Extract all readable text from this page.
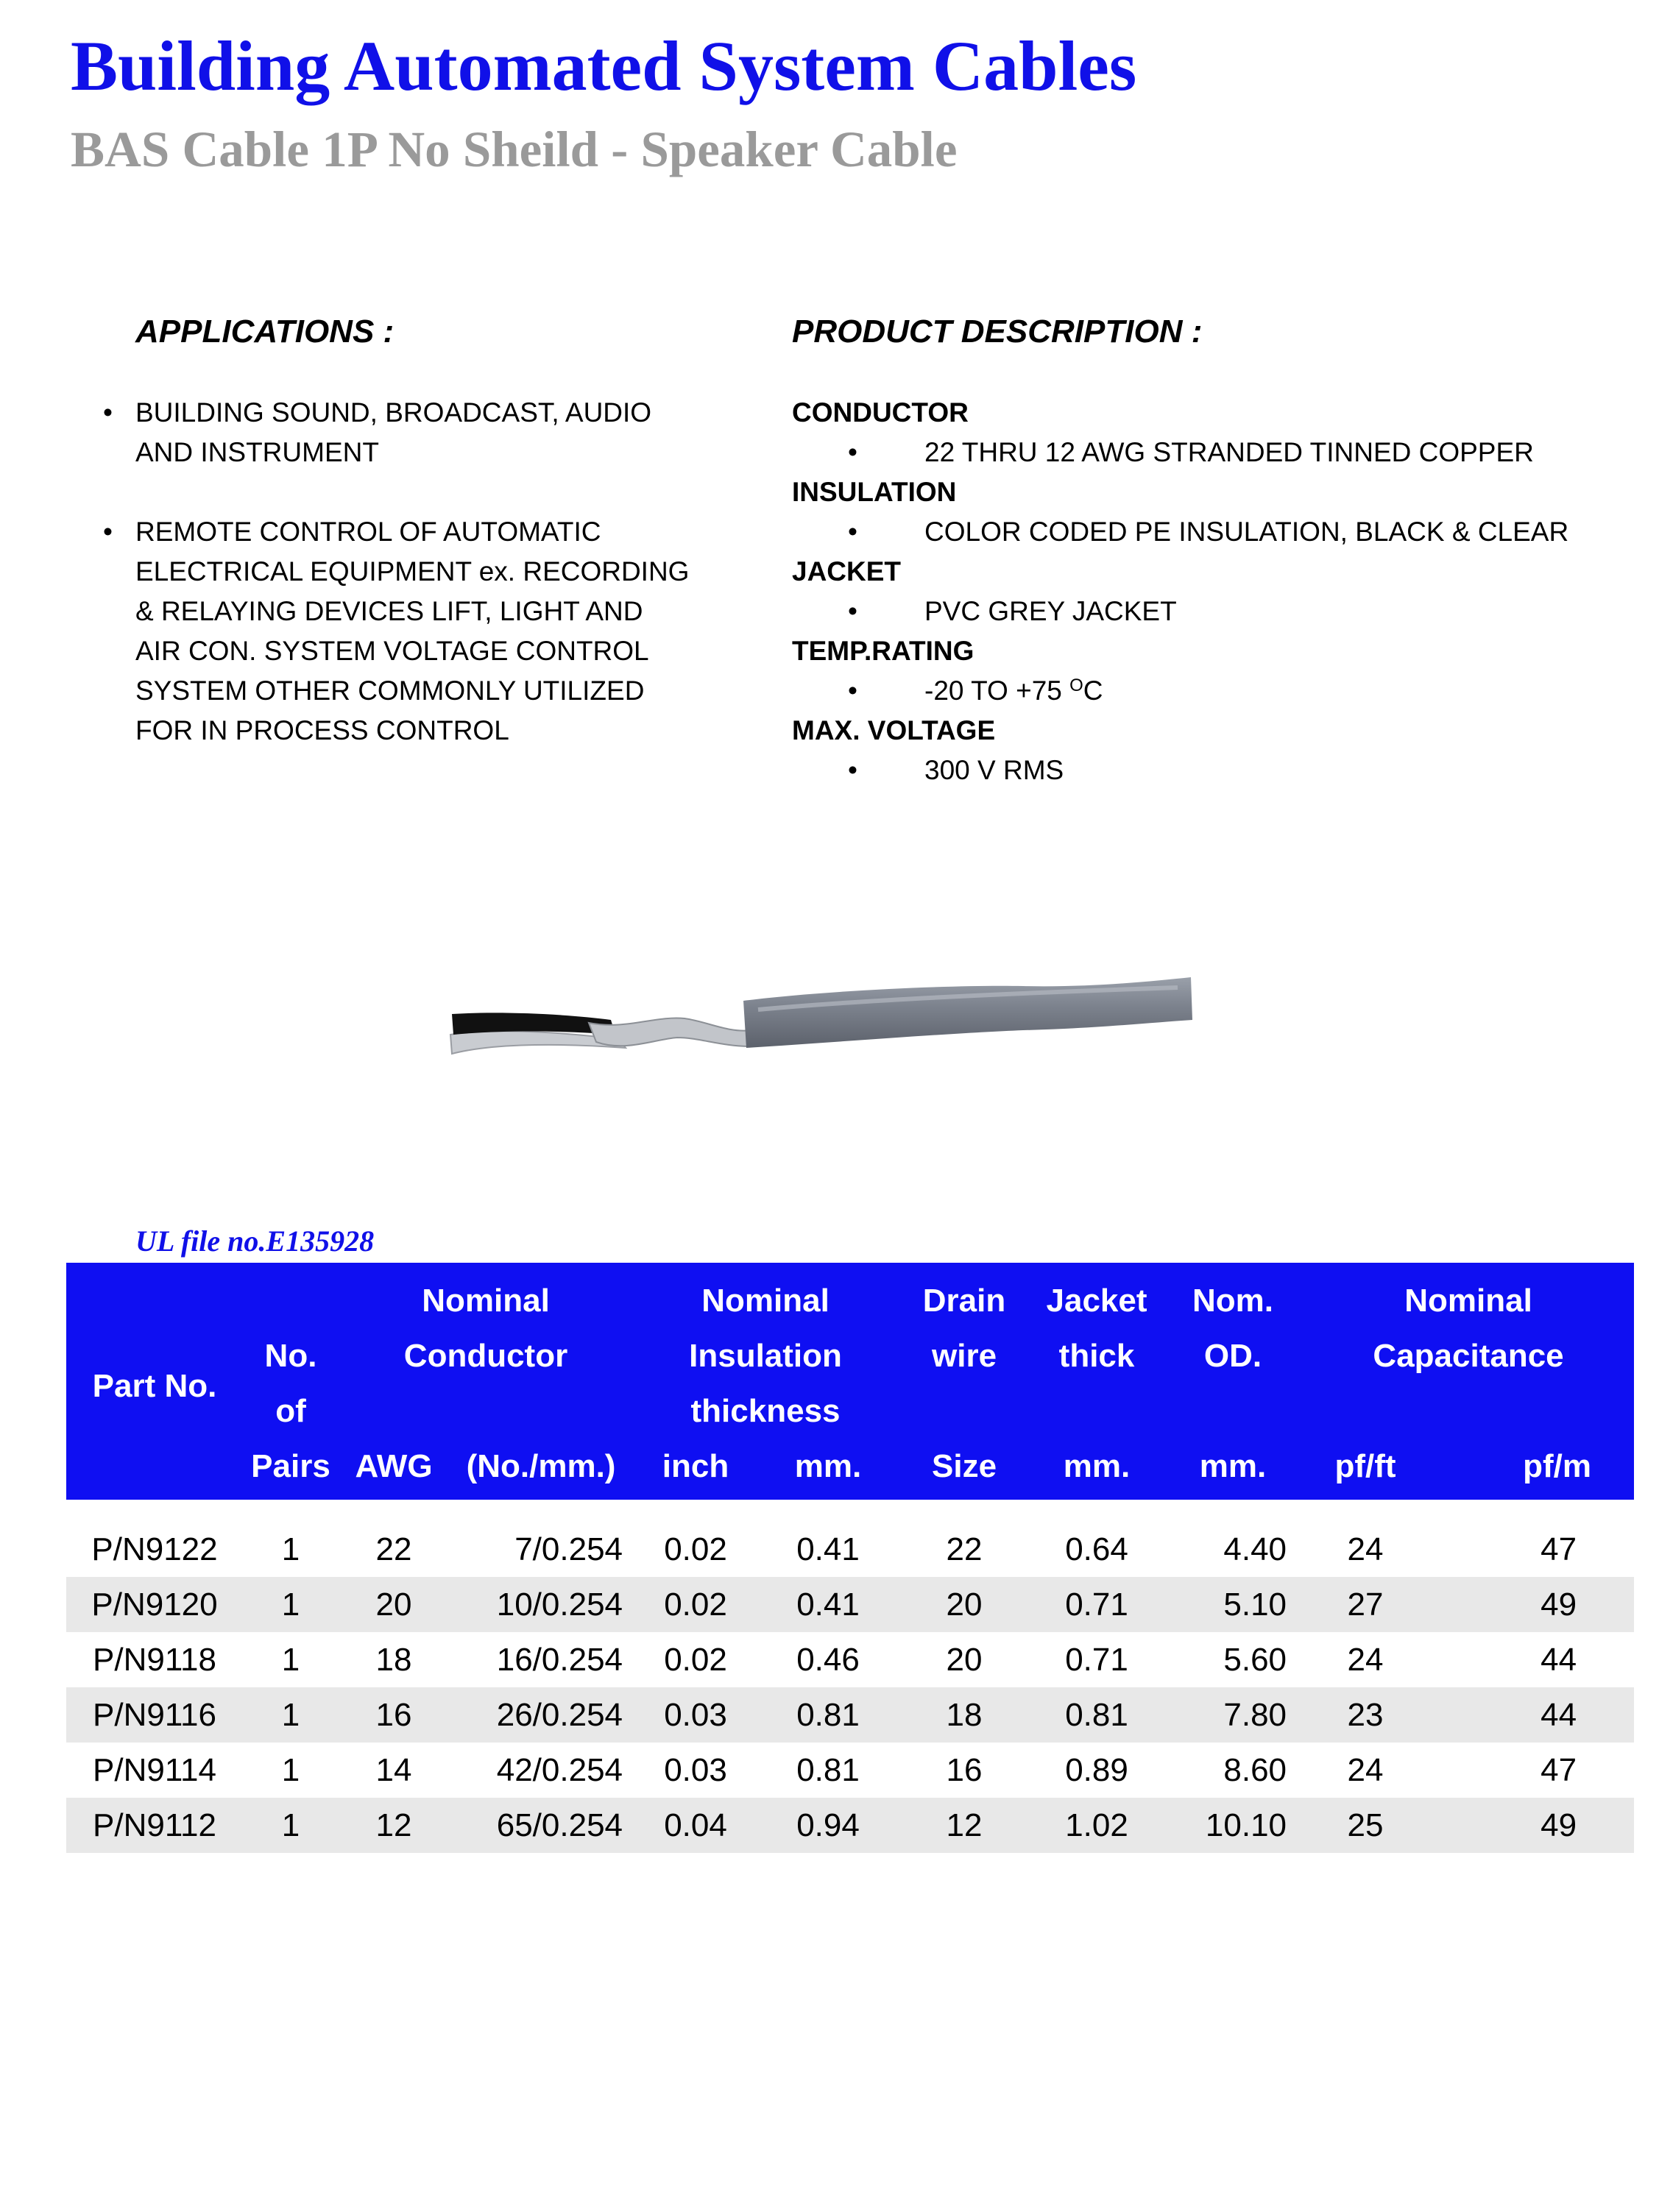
Building Automated System Cables
BAS Cable 1P No Sheild - Speaker Cable
APPLICATIONS :	PRODUCT DESCRIPTION :
• BUILDING SOUND, BROADCAST, AUDIO
AND INSTRUMENT
• REMOTE CONTROL OF AUTOMATIC
ELECTRICAL EQUIPMENT ex. RECORDING
& RELAYING DEVICES LIFT, LIGHT AND
AIR CON. SYSTEM VOLTAGE CONTROL
SYSTEM OTHER COMMONLY UTILIZED
FOR IN PROCESS CONTROL
CONDUCTOR
• 22 THRU 12 AWG STRANDED TINNED COPPER
INSULATION
• COLOR CODED PE INSULATION, BLACK & CLEAR
JACKET
• PVC GREY JACKET
TEMP.RATING
• -20 TO +75 $^O$C
MAX. VOLTAGE
• 300 V RMS
UL file no.E135928
Part No.		Nominal		Nominal		Drain	Jacket	Nom.	Nominal	
	No.	Conductor		Insulation		wire	thick	OD.	Capacitance	
	of			thickness						
	Pairs	AWG	(No./mm.)	inch	mm.	Size	mm.	mm.	pf/ft	pf/m

P/N9122	1	22	7/0.254	0.02	0.41	22	0.64	4.40	24	47
P/N9120	1	20	10/0.254	0.02	0.41	20	0.71	5.10	27	49
P/N9118	1	18	16/0.254	0.02	0.46	20	0.71	5.60	24	44
P/N9116	1	16	26/0.254	0.03	0.81	18	0.81	7.80	23	44
P/N9114	1	14	42/0.254	0.03	0.81	16	0.89	8.60	24	47
P/N9112	1	12	65/0.254	0.04	0.94	12	1.02	10.10	25	49
